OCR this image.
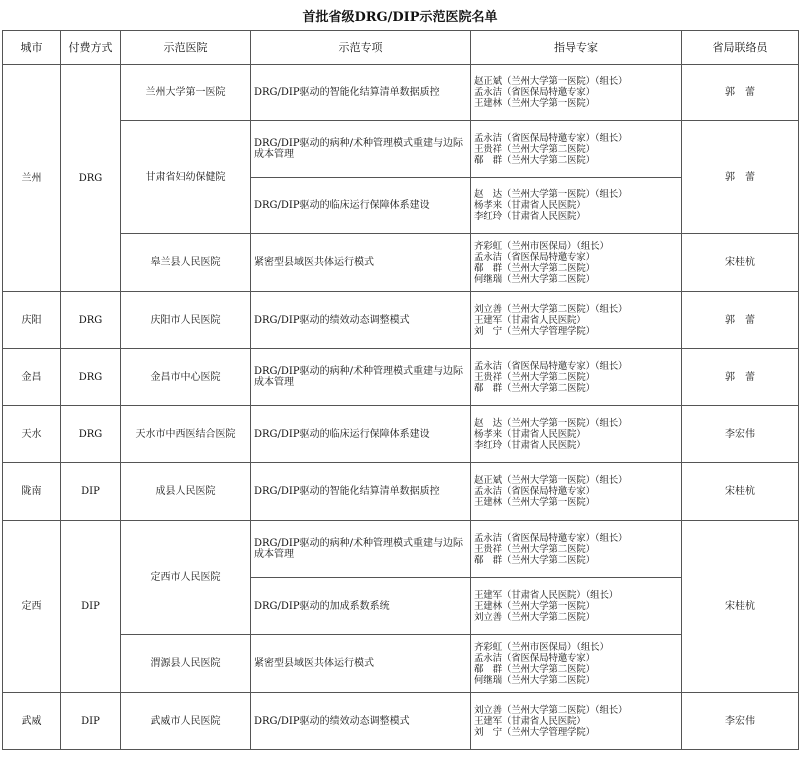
首批省级DRG/DIP示范医院名单
城市	付费方式	示范医院	示范专项	指导专家	省局联络员
兰州	DRG	兰州大学第一医院	DRG/DIP驱动的智能化结算清单数据质控	赵正斌（兰州大学第一医院）（组长）
孟永洁（省医保局特邀专家）
王建林（兰州大学第一医院）	郭　蕾
		甘肃省妇幼保健院	DRG/DIP驱动的病种/术种管理模式重建与边际成本管理	孟永洁（省医保局特邀专家）（组长）
王贵祥（兰州大学第二医院）
郗　群（兰州大学第二医院）	郭　蕾
			DRG/DIP驱动的临床运行保障体系建设	赵　达（兰州大学第一医院）（组长）
杨孝来（甘肃省人民医院）
李红玲（甘肃省人民医院）	

		皋兰县人民医院	紧密型县域医共体运行模式	齐彩虹（兰州市医保局）（组长）
孟永洁（省医保局特邀专家）
郗　群（兰州大学第二医院）
何继瑞（兰州大学第二医院）	宋桂杭
庆阳	DRG	庆阳市人民医院	DRG/DIP驱动的绩效动态调整模式	刘立善（兰州大学第二医院）（组长）
王建军（甘肃省人民医院）
刘　宁（兰州大学管理学院）	郭　蕾
金昌	DRG	金昌市中心医院	DRG/DIP驱动的病种/术种管理模式重建与边际成本管理	孟永洁（省医保局特邀专家）（组长）
王贵祥（兰州大学第二医院）
郗　群（兰州大学第二医院）	郭　蕾
天水	DRG	天水市中西医结合医院	DRG/DIP驱动的临床运行保障体系建设	赵　达（兰州大学第一医院）（组长）
杨孝来（甘肃省人民医院）
李红玲（甘肃省人民医院）	李宏伟
陇南	DIP	成县人民医院	DRG/DIP驱动的智能化结算清单数据质控	赵正斌（兰州大学第一医院）（组长）
孟永洁（省医保局特邀专家）
王建林（兰州大学第一医院）	宋桂杭
定西	DIP	定西市人民医院	DRG/DIP驱动的病种/术种管理模式重建与边际成本管理	孟永洁（省医保局特邀专家）（组长）
王贵祥（兰州大学第二医院）
郗　群（兰州大学第二医院）	宋桂杭
			DRG/DIP驱动的加成系数系统	王建军（甘肃省人民医院）（组长）
王建林（兰州大学第一医院）
刘立善（兰州大学第二医院）	

		渭源县人民医院	紧密型县域医共体运行模式	齐彩虹（兰州市医保局）（组长）
孟永洁（省医保局特邀专家）
郗　群（兰州大学第二医院）
何继瑞（兰州大学第二医院）	

武威	DIP	武威市人民医院	DRG/DIP驱动的绩效动态调整模式	刘立善（兰州大学第二医院）（组长）
王建军（甘肃省人民医院）
刘　宁（兰州大学管理学院）	李宏伟
